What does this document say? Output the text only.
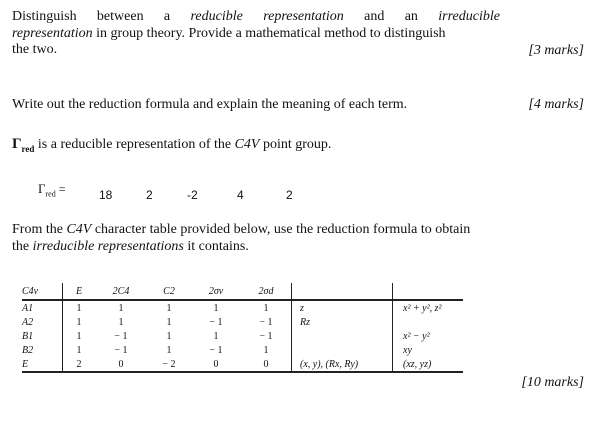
Distinguish between a reducible representation and an irreducible
representation in group theory. Provide a mathematical method to distinguish
the two.	[3 marks]
Write out the reduction formula and explain the meaning of each term.	[4 marks]
$\Gamma_{red}$ is a reducible representation of the C4V point group.
$\Gamma_{red}$ =	18	2	-2	4	2
From the C4V character table provided below, use the reduction formula to obtain
the irreducible representations it contains.
[10 marks]
C4v	E	2C4	C2	2σv	2σd			
A1	1	1	1	1	1	z		x² + y², z²
A2	1	1	1	− 1	− 1	Rz		
B1	1	− 1	1	1	− 1			x² − y²
B2	1	− 1	1	− 1	1			xy
E	2	0	− 2	0	0	(x, y), (Rx, Ry)		(xz, yz)
